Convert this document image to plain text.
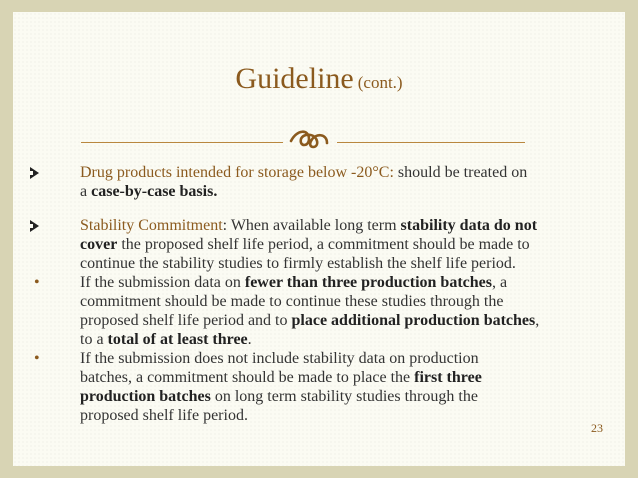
Guideline (cont.)
Drug products intended for storage below -20°C: should be treated on
a case-by-case basis.
Stability Commitment: When available long term stability data do not
cover the proposed shelf life period, a commitment should be made to
continue the stability studies to firmly establish the shelf life period.
•	If the submission data on fewer than three production batches, a
commitment should be made to continue these studies through the
proposed shelf life period and to place additional production batches,
to a total of at least three.
•	If the submission does not include stability data on production
batches, a commitment should be made to place the first three
production batches on long term stability studies through the
proposed shelf life period.
23
